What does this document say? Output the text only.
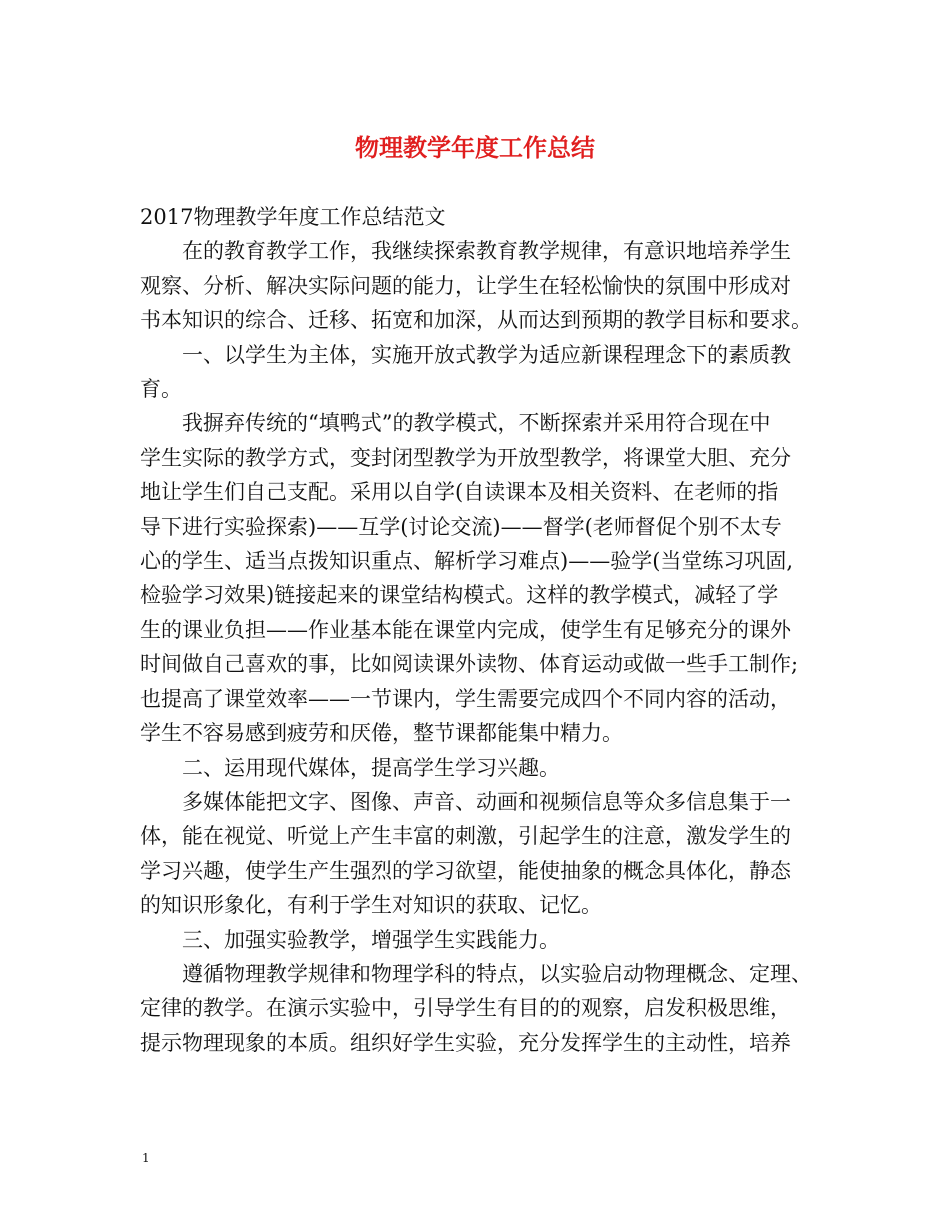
物理教学年度工作总结
2017物理教学年度工作总结范文
在的教育教学工作，我继续探索教育教学规律，有意识地培养学生
观察、分析、解决实际问题的能力，让学生在轻松愉快的氛围中形成对
书本知识的综合、迁移、拓宽和加深，从而达到预期的教学目标和要求。
一、以学生为主体，实施开放式教学为适应新课程理念下的素质教
育。
我摒弃传统的“填鸭式”的教学模式，不断探索并采用符合现在中
学生实际的教学方式，变封闭型教学为开放型教学，将课堂大胆、充分
地让学生们自己支配。采用以自学(自读课本及相关资料、在老师的指
导下进行实验探索)——互学(讨论交流)——督学(老师督促个别不太专
心的学生、适当点拨知识重点、解析学习难点)——验学(当堂练习巩固,
检验学习效果)链接起来的课堂结构模式。这样的教学模式，减轻了学
生的课业负担——作业基本能在课堂内完成，使学生有足够充分的课外
时间做自己喜欢的事，比如阅读课外读物、体育运动或做一些手工制作;
也提高了课堂效率——一节课内，学生需要完成四个不同内容的活动，
学生不容易感到疲劳和厌倦，整节课都能集中精力。
二、运用现代媒体，提高学生学习兴趣。
多媒体能把文字、图像、声音、动画和视频信息等众多信息集于一
体，能在视觉、听觉上产生丰富的刺激，引起学生的注意，激发学生的
学习兴趣，使学生产生强烈的学习欲望，能使抽象的概念具体化，静态
的知识形象化，有利于学生对知识的获取、记忆。
三、加强实验教学，增强学生实践能力。
遵循物理教学规律和物理学科的特点，以实验启动物理概念、定理、
定律的教学。在演示实验中，引导学生有目的的观察，启发积极思维，
提示物理现象的本质。组织好学生实验，充分发挥学生的主动性，培养
1
